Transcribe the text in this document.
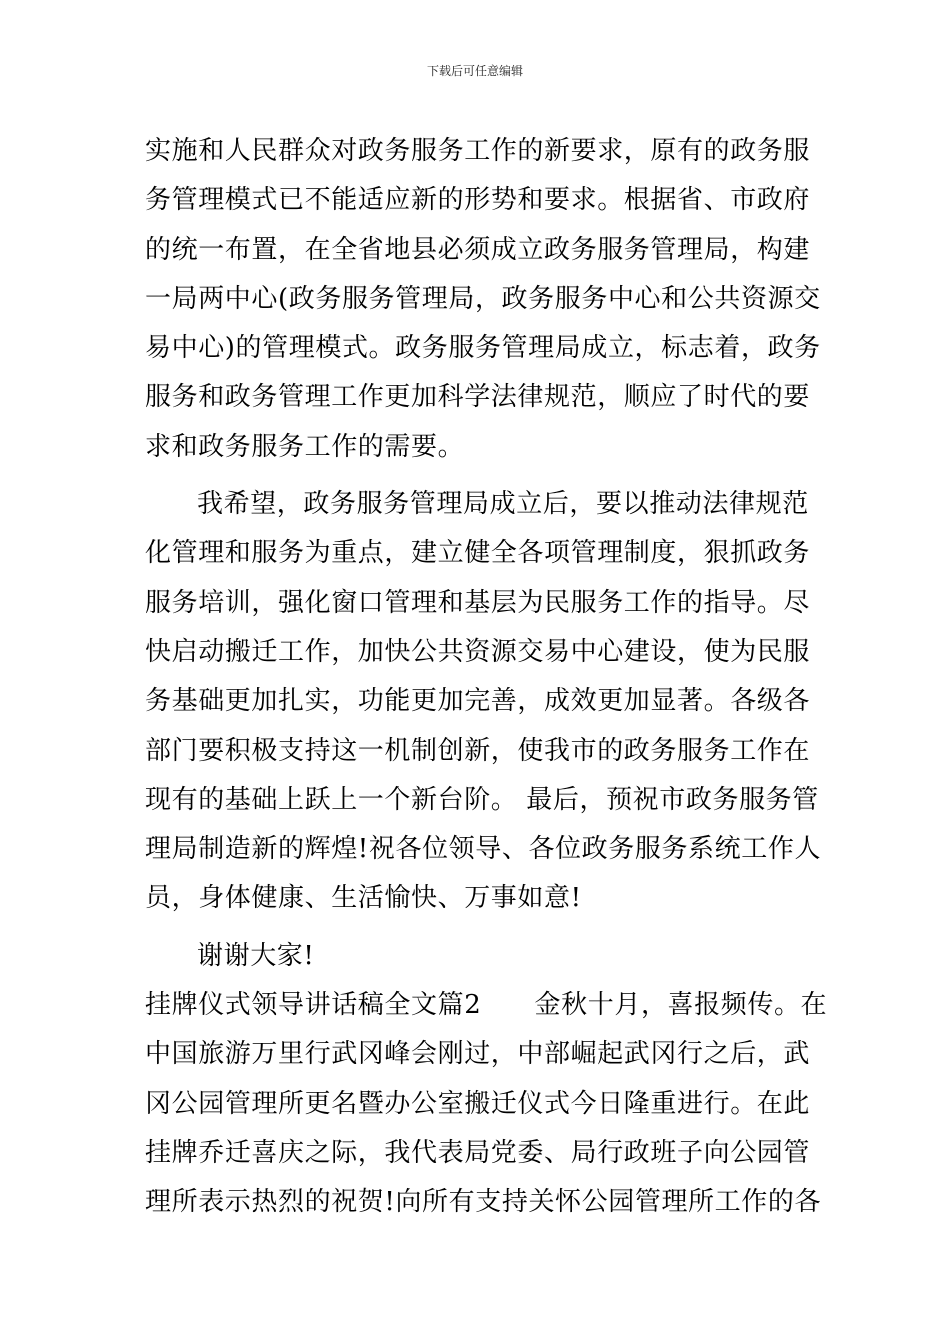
下载后可任意编辑
实施和人民群众对政务服务工作的新要求，原有的政务服
务管理模式已不能适应新的形势和要求。根据省、市政府
的统一布置，在全省地县必须成立政务服务管理局，构建
一局两中心(政务服务管理局，政务服务中心和公共资源交
易中心)的管理模式。政务服务管理局成立，标志着，政务
服务和政务管理工作更加科学法律规范，顺应了时代的要
求和政务服务工作的需要。
我希望，政务服务管理局成立后，要以推动法律规范
化管理和服务为重点，建立健全各项管理制度，狠抓政务
服务培训，强化窗口管理和基层为民服务工作的指导。尽
快启动搬迁工作，加快公共资源交易中心建设，使为民服
务基础更加扎实，功能更加完善，成效更加显著。各级各
部门要积极支持这一机制创新，使我市的政务服务工作在
现有的基础上跃上一个新台阶。 最后，预祝市政务服务管
理局制造新的辉煌!祝各位领导、各位政务服务系统工作人
员，身体健康、生活愉快、万事如意!
谢谢大家!
挂牌仪式领导讲话稿全文篇2　　金秋十月，喜报频传。在
中国旅游万里行武冈峰会刚过，中部崛起武冈行之后，武
冈公园管理所更名暨办公室搬迁仪式今日隆重进行。在此
挂牌乔迁喜庆之际，我代表局党委、局行政班子向公园管
理所表示热烈的祝贺!向所有支持关怀公园管理所工作的各
